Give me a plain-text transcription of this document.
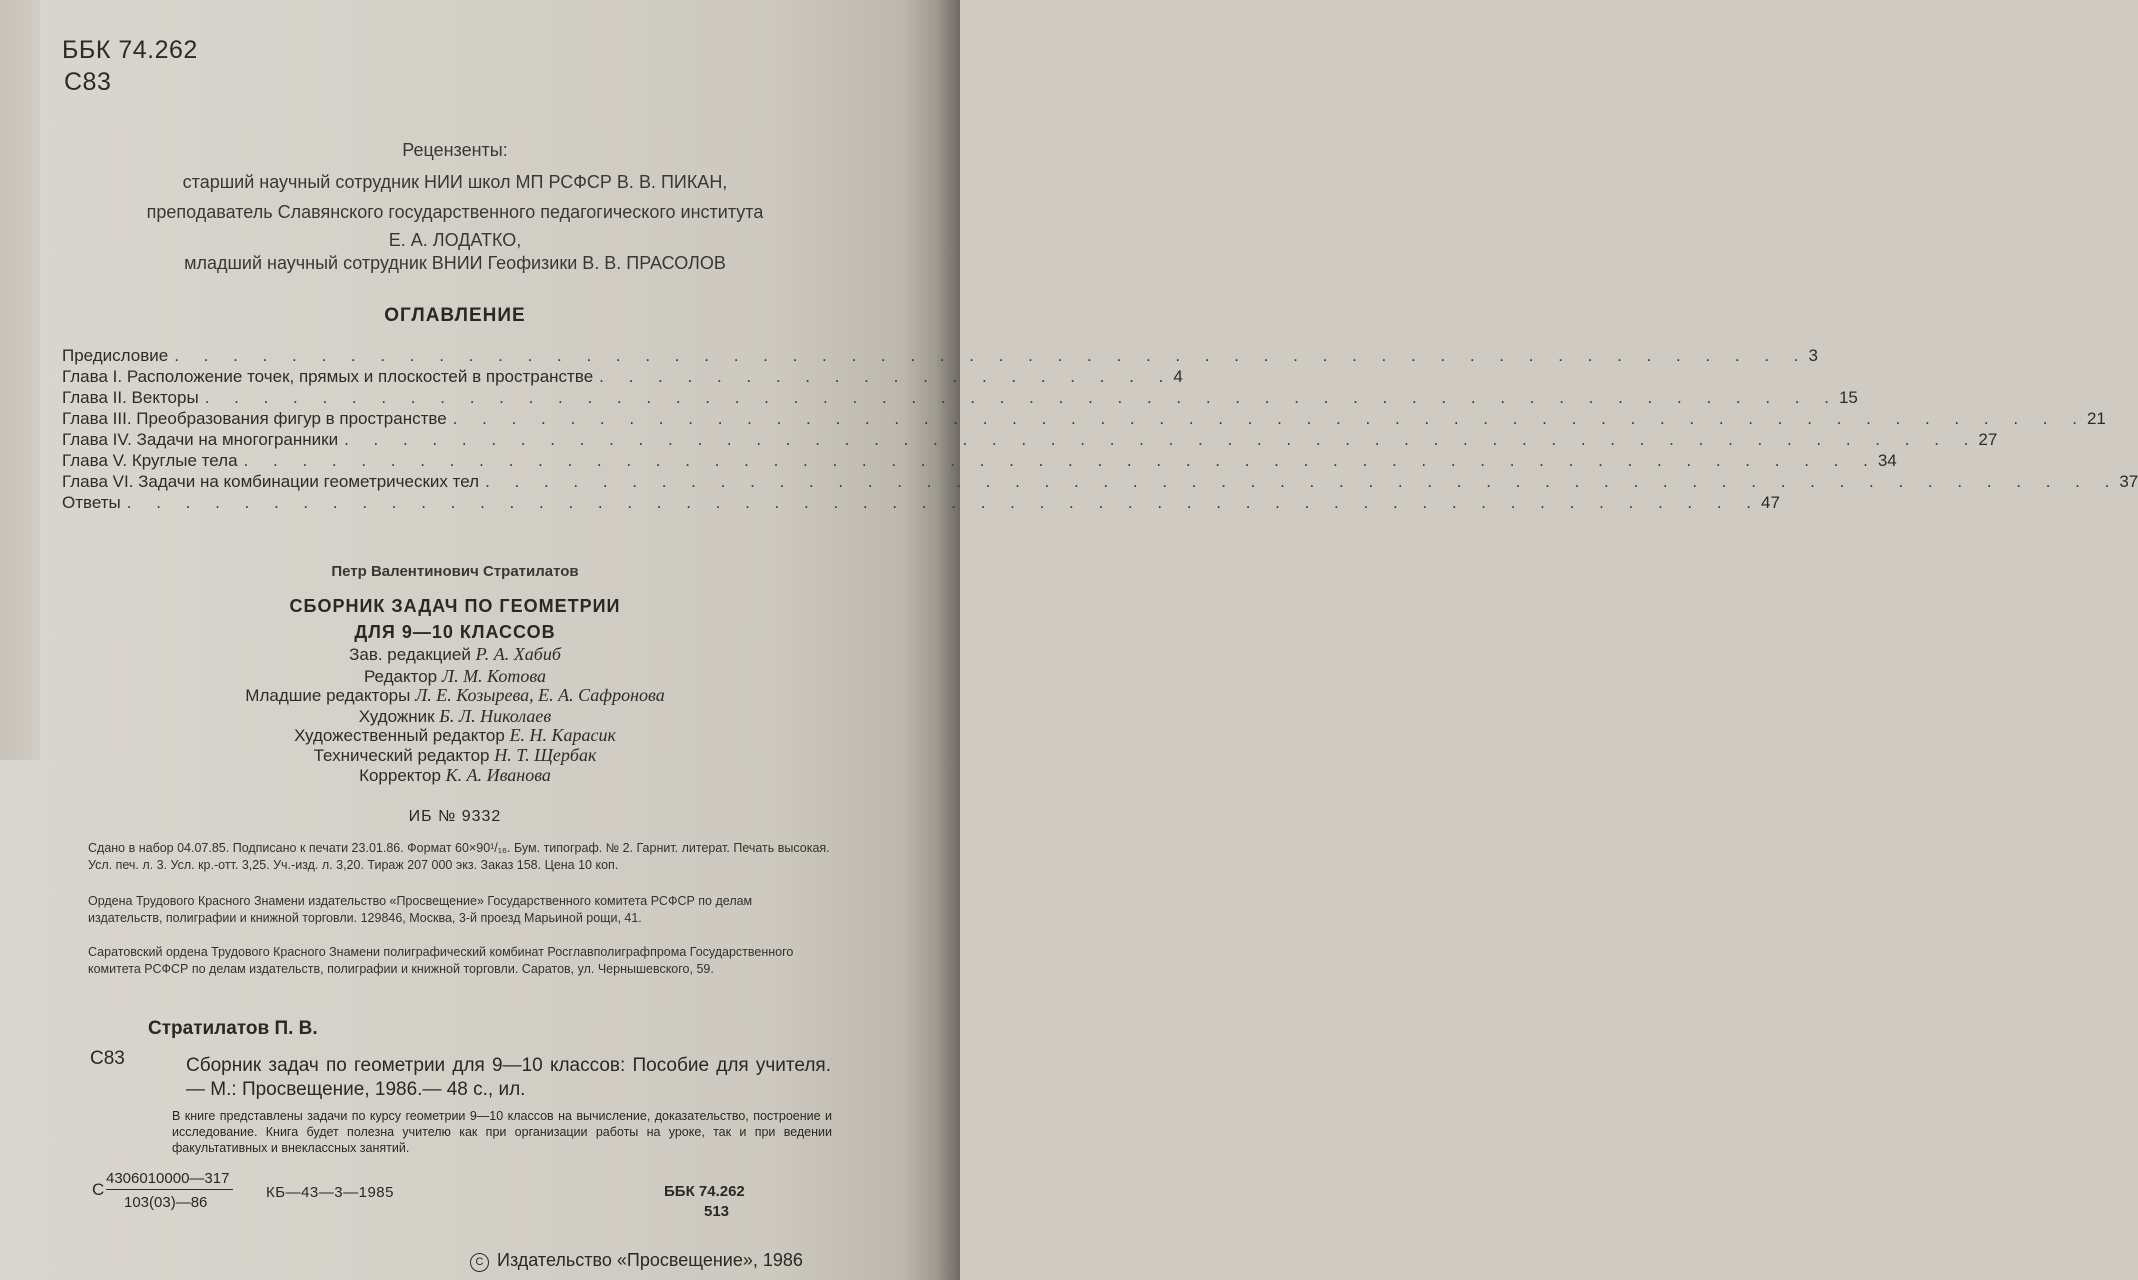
ББК 74.262
С83
Рецензенты:
старший научный сотрудник НИИ школ МП РСФСР В. В. ПИКАН,
преподаватель Славянского государственного педагогического института
Е. А. ЛОДАТКО,
младший научный сотрудник ВНИИ Геофизики В. В. ПРАСОЛОВ
ОГЛАВЛЕНИЕ
Предисловие . . . . . . . . . . . . . . . . . . . . . . . . . . . . . . . . . . . . . . . . . . . . . . . . . . . . . . . . 3
Глава I. Расположение точек, прямых и плоскостей в пространстве . . . . . . . . . . . . . . . . . . . . 4
Глава II. Векторы . . . . . . . . . . . . . . . . . . . . . . . . . . . . . . . . . . . . . . . . . . . . . . . . . . . . . . . . 15
Глава III. Преобразования фигур в пространстве . . . . . . . . . . . . . . . . . . . . . . . . . . . . . . . . . . . . . . . . . . . . . . . . . . . . . . . . 21
Глава IV. Задачи на многогранники . . . . . . . . . . . . . . . . . . . . . . . . . . . . . . . . . . . . . . . . . . . . . . . . . . . . . . . . 27
Глава V. Круглые тела . . . . . . . . . . . . . . . . . . . . . . . . . . . . . . . . . . . . . . . . . . . . . . . . . . . . . . . . 34
Глава VI. Задачи на комбинации геометрических тел . . . . . . . . . . . . . . . . . . . . . . . . . . . . . . . . . . . . . . . . . . . . . . . . . . . . . . . . 37
Ответы . . . . . . . . . . . . . . . . . . . . . . . . . . . . . . . . . . . . . . . . . . . . . . . . . . . . . . . . 47
Петр Валентинович Стратилатов
СБОРНИК ЗАДАЧ ПО ГЕОМЕТРИИ
ДЛЯ 9—10 КЛАССОВ
Зав. редакцией Р. А. Хабиб
Редактор Л. М. Котова
Младшие редакторы Л. Е. Козырева, Е. А. Сафронова
Художник Б. Л. Николаев
Художественный редактор Е. Н. Карасик
Технический редактор Н. Т. Щербак
Корректор К. А. Иванова
ИБ № 9332
Сдано в набор 04.07.85. Подписано к печати 23.01.86. Формат 60×90¹/₁₆. Бум. типограф. № 2. Гарнит. литерат. Печать высокая. Усл. печ. л. 3. Усл. кр.-отт. 3,25. Уч.-изд. л. 3,20. Тираж 207 000 экз. Заказ 158. Цена 10 коп.
Ордена Трудового Красного Знамени издательство «Просвещение» Государственного комитета РСФСР по делам издательств, полиграфии и книжной торговли. 129846, Москва, 3-й проезд Марьиной рощи, 41.
Саратовский ордена Трудового Красного Знамени полиграфический комбинат Росглавполиграфпрома Государственного комитета РСФСР по делам издательств, полиграфии и книжной торговли. Саратов, ул. Чернышевского, 59.
Стратилатов П. В.
С83	Сборник задач по геометрии для 9—10 классов: Пособие для учителя.— М.: Просвещение, 1986.— 48 с., ил.
В книге представлены задачи по курсу геометрии 9—10 классов на вычисление, доказательство, построение и исследование. Книга будет полезна учителю как при организации работы на уроке, так и при ведении факультативных и внеклассных занятий.
С
4306010000—317
103(03)—86
КБ—43—3—1985	ББК 74.262
513
C Издательство «Просвещение», 1986
